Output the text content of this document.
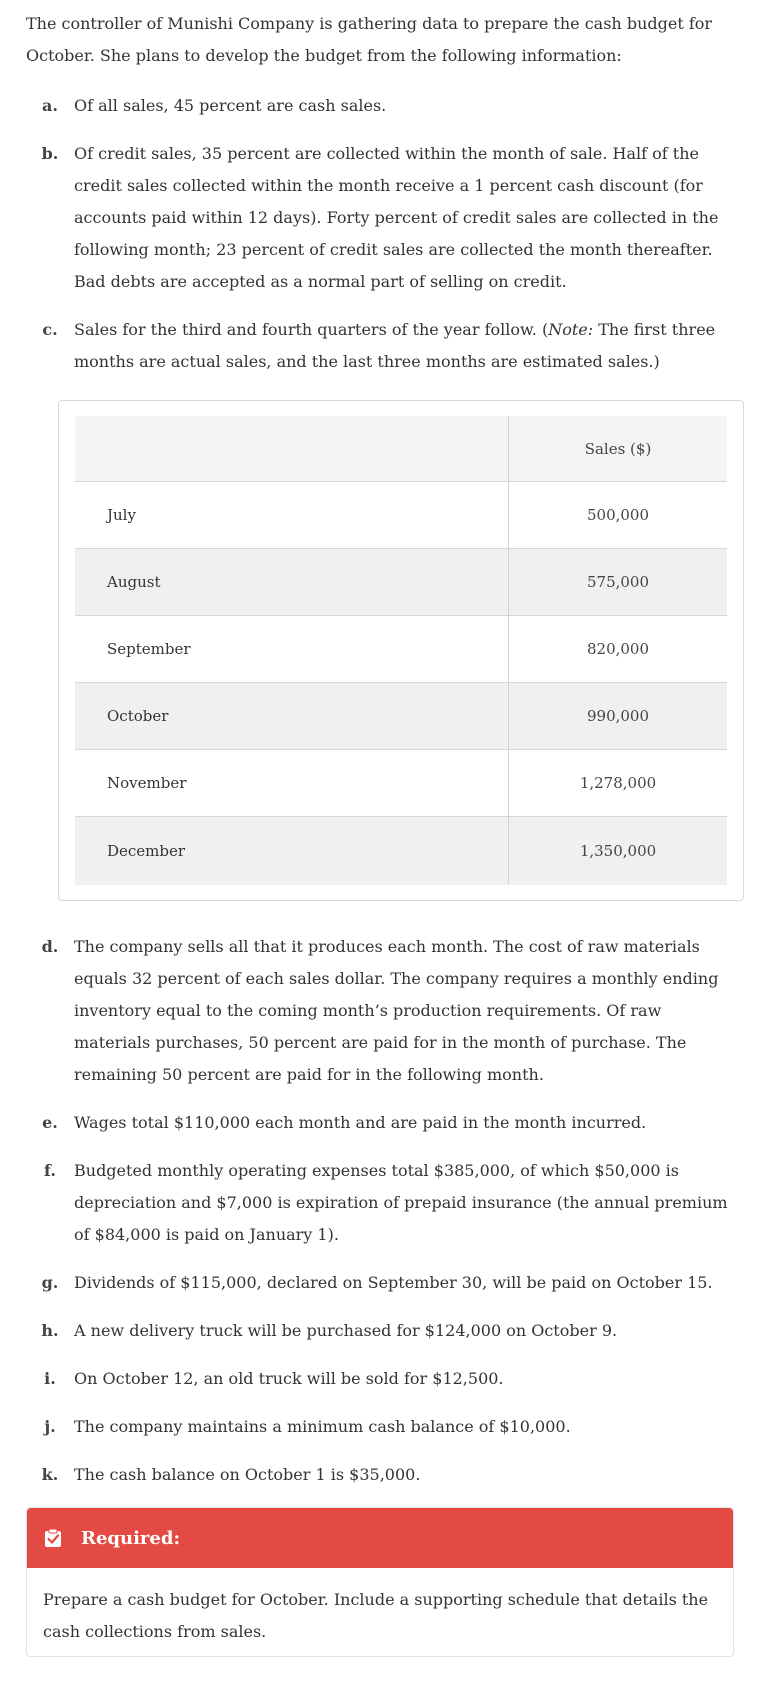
The controller of Munishi Company is gathering data to prepare the cash budget for October. She plans to develop the budget from the following information:

a.	Of all sales, 45 percent are cash sales.
b. Of credit sales, 35 percent are collected within the month of sale. Half of the credit sales collected within the month receive a 1 percent cash discount (for accounts paid within 12 days). Forty percent of credit sales are collected in the following month; 23 percent of credit sales are collected the month thereafter. Bad debts are accepted as a normal part of selling on credit.
c.	Sales for the third and fourth quarters of the year follow. (Note: The first three months are actual sales, and the last three months are estimated sales.)
	Sales ($)
July	500,000
August	575,000
September	820,000
October	990,000
November	1,278,000
December	1,350,000
d. The company sells all that it produces each month. The cost of raw materials equals 32 percent of each sales dollar. The company requires a monthly ending inventory equal to the coming month’s production requirements. Of raw materials purchases, 50 percent are paid for in the month of purchase. The remaining 50 percent are paid for in the following month.
e.	Wages total $110,000 each month and are paid in the month incurred.
f.	Budgeted monthly operating expenses total $385,000, of which $50,000 is depreciation and $7,000 is expiration of prepaid insurance (the annual premium of $84,000 is paid on January 1).
g. Dividends of $115,000, declared on September 30, will be paid on October 15.
h. A new delivery truck will be purchased for $124,000 on October 9.
i.	On October 12, an old truck will be sold for $12,500.
j.	The company maintains a minimum cash balance of $10,000.
k. The cash balance on October 1 is $35,000.
Required:
Prepare a cash budget for October. Include a supporting schedule that details the cash collections from sales.
